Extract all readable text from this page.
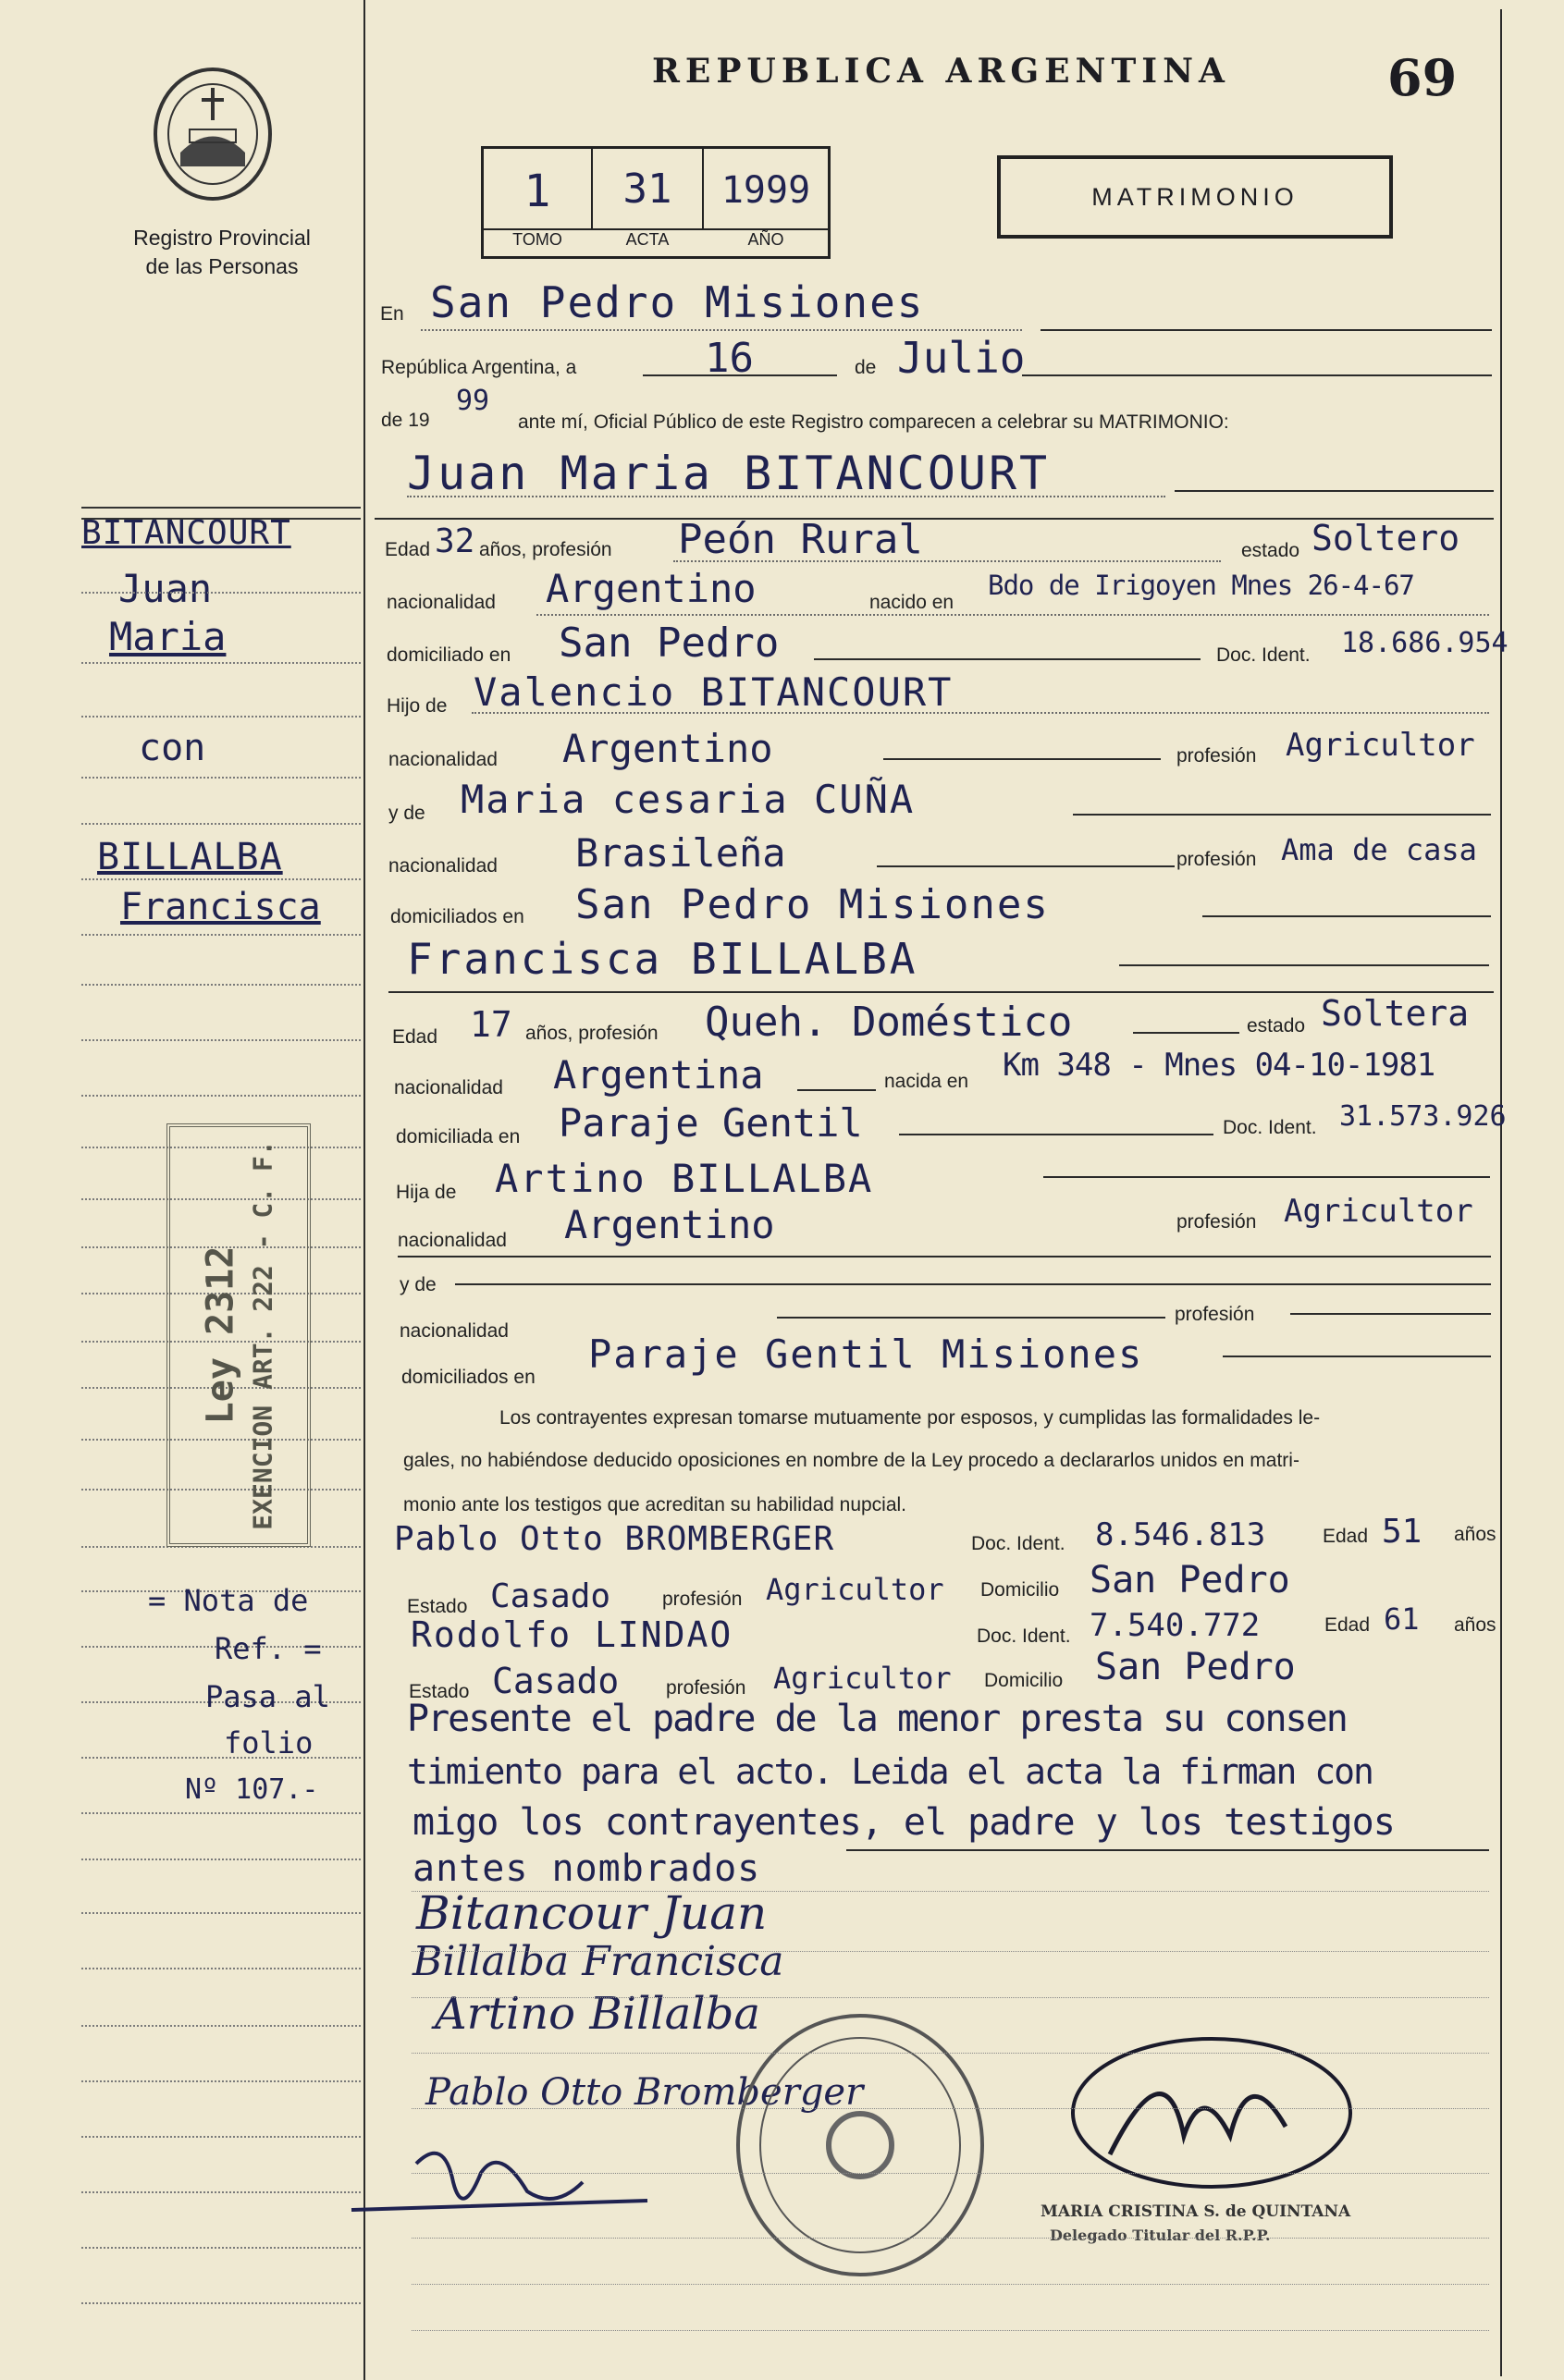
Registro Provincial
de las Personas
REPUBLICA ARGENTINA	69
1	31	1999
TOMO	ACTA	AÑO
MATRIMONIO
En San Pedro Misiones
República Argentina, a	16	de Julio
de 19
99
ante mí, Oficial Público de este Registro comparecen a celebrar su MATRIMONIO:
Juan Maria BITANCOURT
Edad 32 años, profesión Peón Rural	estado Soltero
nacionalidad Argentino	nacido en
Bdo de Irigoyen Mnes 26-4-67
domiciliado en San Pedro	Doc. Ident. 18.686.954
Hijo de Valencio BITANCOURT
nacionalidad Argentino	profesión Agricultor
y de Maria cesaria CUÑA
nacionalidad Brasileña	profesión Ama de casa
domiciliados en San Pedro Misiones
Francisca BILLALBA
Edad 17 años, profesión Queh. Doméstico	estado Soltera
nacionalidad Argentina	nacida en Km 348 - Mnes 04-10-1981
domiciliada en Paraje Gentil	Doc. Ident. 31.573.926
Hija de Artino BILLALBA
nacionalidad Argentino	profesión Agricultor
y de
nacionalidad
profesión
domiciliados en
Paraje Gentil Misiones
Los contrayentes expresan tomarse mutuamente por esposos, y cumplidas las formalidades le-
gales, no habiéndose deducido oposiciones en nombre de la Ley procedo a declararlos unidos en matri-
monio ante los testigos que acreditan su habilidad nupcial.
Pablo Otto BROMBERGER	Doc. Ident. 8.546.813	Edad 51 años
Estado Casado	profesión Agricultor Domicilio San Pedro
Rodolfo LINDAO	Doc. Ident. 7.540.772	Edad 61 años
Estado Casado profesión Agricultor Domicilio San Pedro
Presente el padre de la menor presta su consen
timiento para el acto. Leida el acta la firman con
migo los contrayentes, el padre y los testigos
antes nombrados
Bitancour Juan
Billalba Francisca
Artino Billalba
Pablo Otto Bromberger
MARIA CRISTINA S. de QUINTANA
Delegado Titular del R.P.P.
BITANCOURT
Juan
Maria
con
BILLALBA
Francisca
Ley 2312 EXENCION ART. 222 - C. F.
= Nota de
Ref. =
Pasa al
folio
Nº 107.-
